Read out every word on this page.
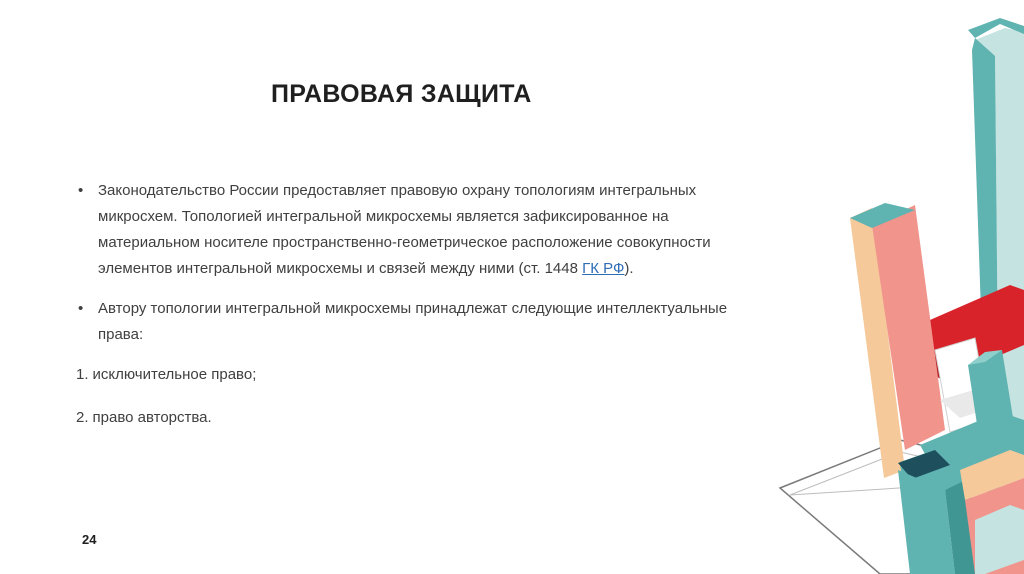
ПРАВОВАЯ ЗАЩИТА
• Законодательство России предоставляет правовую охрану топологиям интегральных микросхем. Топологией интегральной микросхемы является зафиксированное на материальном носителе пространственно-геометрическое расположение совокупности элементов интегральной микросхемы и связей между ними (ст. 1448 ГК РФ).
• Автору топологии интегральной микросхемы принадлежат следующие интеллектуальные права:
1. исключительное право;
2. право авторства.
24
